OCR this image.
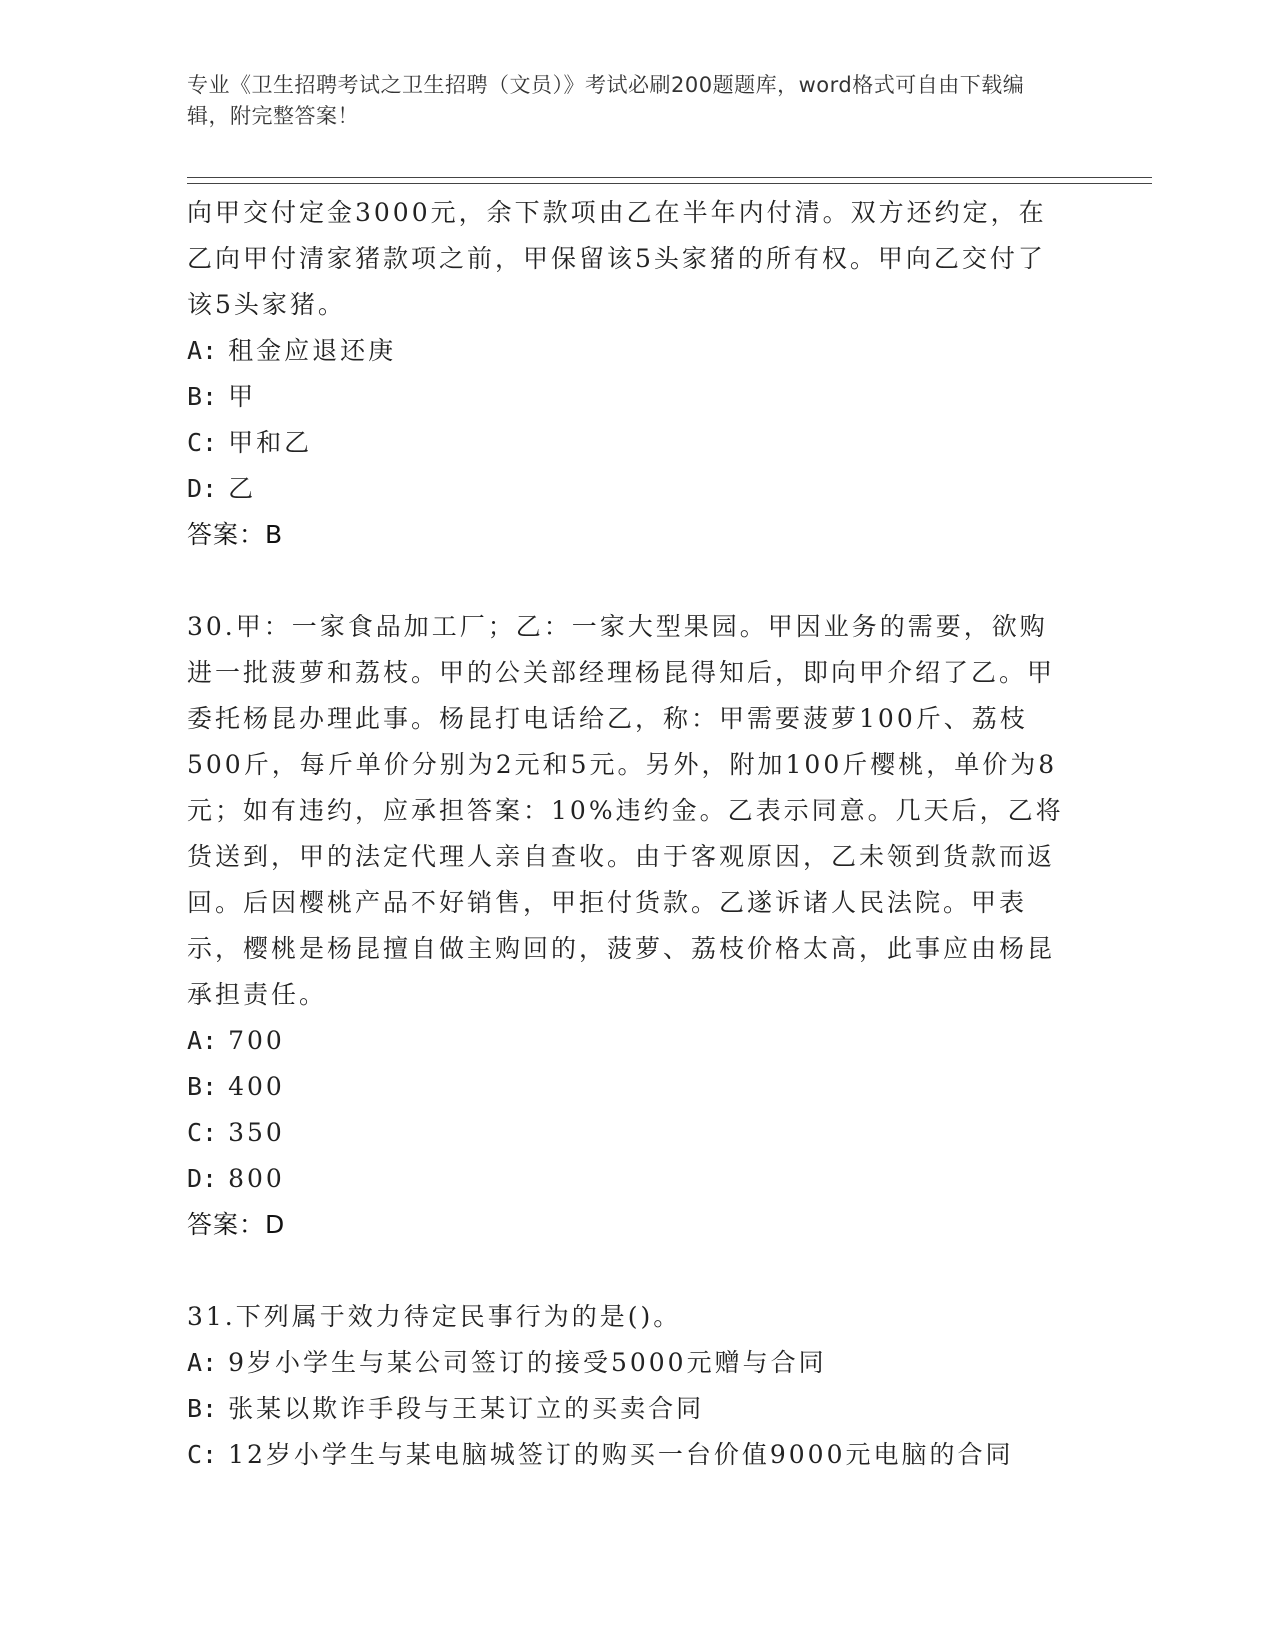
专业《卫生招聘考试之卫生招聘（文员）》考试必刷200题题库，word格式可自由下载编辑，附完整答案！

向甲交付定金3000元，余下款项由乙在半年内付清。双方还约定，在乙向甲付清家猪款项之前，甲保留该5头家猪的所有权。甲向乙交付了该5头家猪。

A: 租金应退还庚

B: 甲

C: 甲和乙

D: 乙

答案：B

30.甲：一家食品加工厂；乙：一家大型果园。甲因业务的需要，欲购进一批菠萝和荔枝。甲的公关部经理杨昆得知后，即向甲介绍了乙。甲委托杨昆办理此事。杨昆打电话给乙，称：甲需要菠萝100斤、荔枝500斤，每斤单价分别为2元和5元。另外，附加100斤樱桃，单价为8元；如有违约，应承担答案：10%违约金。乙表示同意。几天后，乙将货送到，甲的法定代理人亲自查收。由于客观原因，乙未领到货款而返回。后因樱桃产品不好销售，甲拒付货款。乙遂诉诸人民法院。甲表示，樱桃是杨昆擅自做主购回的，菠萝、荔枝价格太高，此事应由杨昆承担责任。

A: 700

B: 400

C: 350

D: 800

答案：D

31.下列属于效力待定民事行为的是()。

A: 9岁小学生与某公司签订的接受5000元赠与合同

B: 张某以欺诈手段与王某订立的买卖合同

C: 12岁小学生与某电脑城签订的购买一台价值9000元电脑的合同
